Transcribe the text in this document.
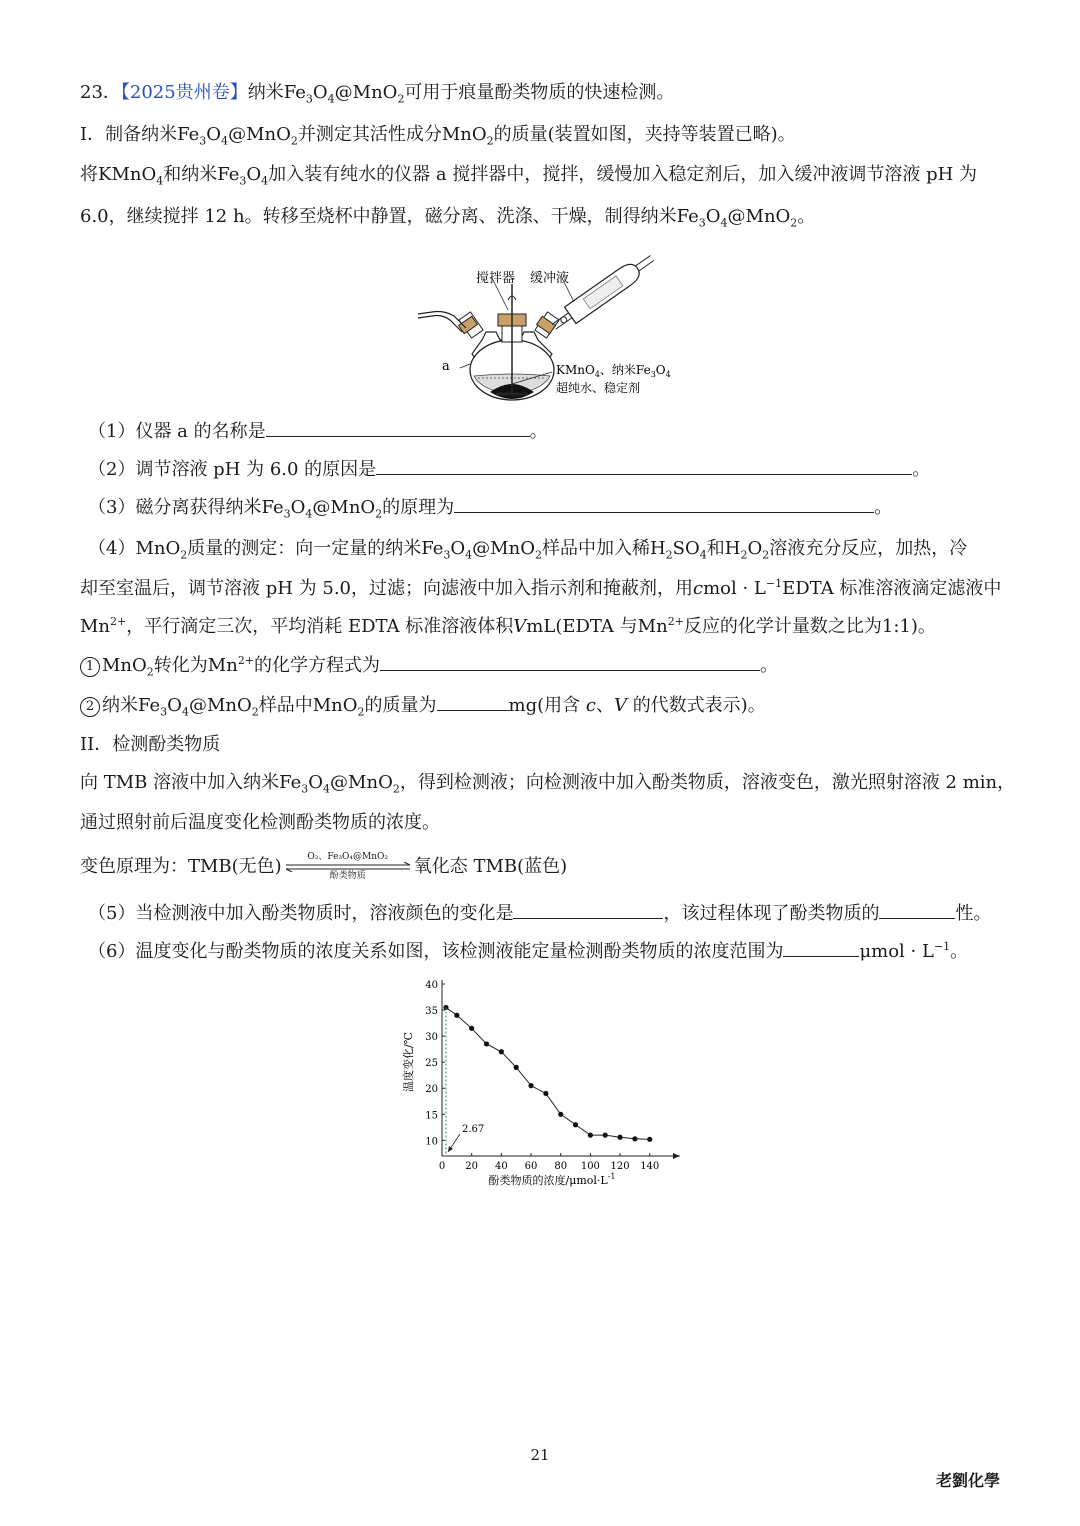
23．【2025贵州卷】纳米$Fe_3O_4@MnO_2$可用于痕量酚类物质的快速检测。
I．制备纳米$Fe_3O_4@MnO_2$并测定其活性成分MnO$_2$的质量(装置如图，夹持等装置已略)。
将KMnO$_4$和纳米$Fe_3O_4$加入装有纯水的仪器 a 搅拌器中，搅拌，缓慢加入稳定剂后，加入缓冲液调节溶液 pH 为
6.0，继续搅拌 12 h。转移至烧杯中静置，磁分离、洗涤、干燥，制得纳米$Fe_3O_4@MnO_2$。
搅拌器 缓冲液
a	KMnO$_4$、纳米$Fe_3O_4$
超纯水、稳定剂
（1）仪器 a 的名称是	。
（2）调节溶液 pH 为 6.0 的原因是	。
（3）磁分离获得纳米$Fe_3O_4@MnO_2$的原理为	。
（4）MnO$_2$质量的测定：向一定量的纳米$Fe_3O_4@MnO_2$样品中加入稀$H_2SO_4$和$H_2O_2$溶液充分反应，加热，冷
却至室温后，调节溶液 pH 为 5.0，过滤；向滤液中加入指示剂和掩蔽剂，用cmol · $L^{-1}EDTA$ 标准溶液滴定滤液中
$Mn^{2+}$，平行滴定三次，平均消耗 EDTA 标准溶液体积VmL(EDTA 与$Mn^{2+}$反应的化学计量数之比为1:1)。
1 MnO$_2$转化为$Mn^{2+}$的化学方程式为	。
2 纳米$Fe_3O_4@MnO_2$样品中MnO$_2$的质量为	mg(用含 c、V 的代数式表示)。
II．检测酚类物质
向 TMB 溶液中加入纳米$Fe_3O_4@MnO_2$，得到检测液；向检测液中加入酚类物质，溶液变色，激光照射溶液 2 min，
通过照射前后温度变化检测酚类物质的浓度。
变色原理为：TMB(无色)	O₂、Fe₃O₄@MnO₂
酚类物质	氧化态 TMB(蓝色)
（5）当检测液中加入酚类物质时，溶液颜色的变化是	，该过程体现了酚类物质的	性。
（6）温度变化与酚类物质的浓度关系如图，该检测液能定量检测酚类物质的浓度范围为	$\mu mol \cdot L^{-1}$。
0 20 40 60 80 100 120 140
10
15
20
25
30
35
40
2.67
温度变化/℃
酚类物质的浓度$/\mu mol\cdot L^{-1}$
21
老劉化學
